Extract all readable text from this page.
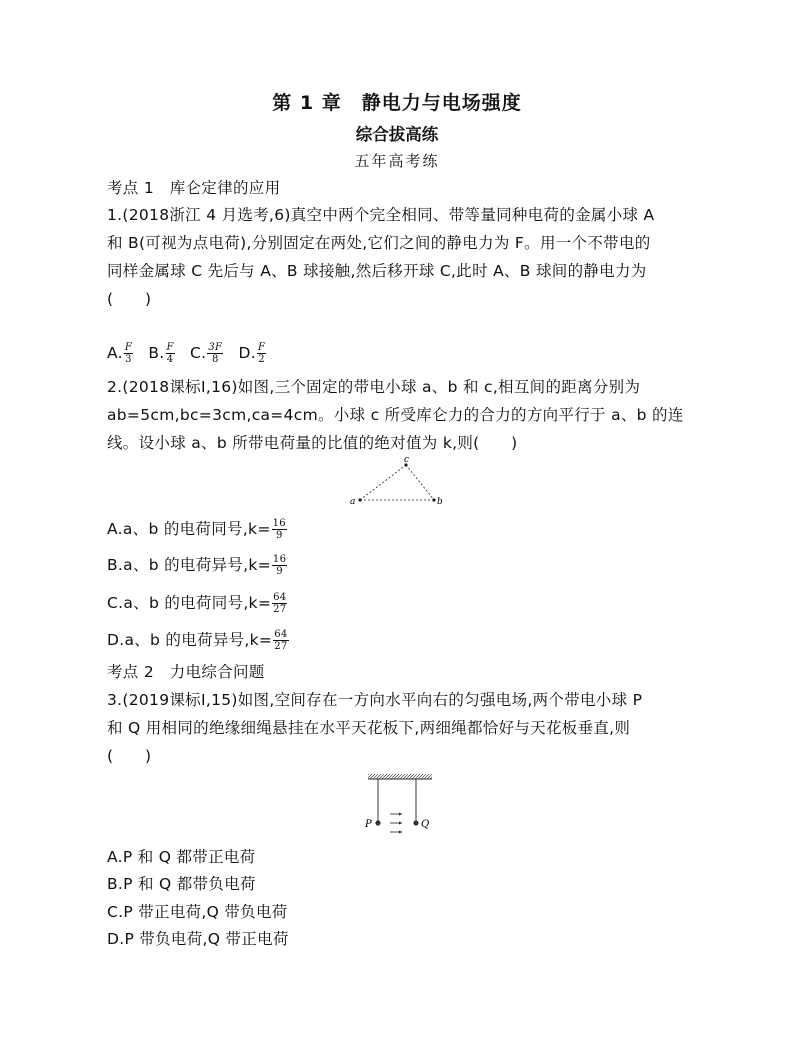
第 1 章　静电力与电场强度
综合拔高练
五年高考练
考点 1　库仑定律的应用
1.(2018浙江 4 月选考,6)真空中两个完全相同、带等量同种电荷的金属小球 A
和 B(可视为点电荷),分别固定在两处,它们之间的静电力为 F。用一个不带电的
同样金属球 C 先后与 A、B 球接触,然后移开球 C,此时 A、B 球间的静电力为
(　　)
A. $\frac{F}{3} B$. $\frac{F}{4} C$. $\frac{3F}{8} D$. $\frac{F}{2}$
2.(2018课标Ⅰ,16)如图,三个固定的带电小球 a、b 和 c,相互间的距离分别为
ab=5cm,bc=3cm,ca=4cm。小球 c 所受库仑力的合力的方向平行于 a、b 的连
线。设小球 a、b 所带电荷量的比值的绝对值为 k,则(　　)
a	b
c
A.a、b 的电荷同号$,k= \frac{16}{9}$
B.a、b 的电荷异号$,k= \frac{16}{9}$
C.a、b 的电荷同号$,k= \frac{64}{27}$
D.a、b 的电荷异号$,k= \frac{64}{27}$
考点 2　力电综合问题
3.(2019课标Ⅰ,15)如图,空间存在一方向水平向右的匀强电场,两个带电小球 P
和 Q 用相同的绝缘细绳悬挂在水平天花板下,两细绳都恰好与天花板垂直,则
(　　)
P	Q
A.P 和 Q 都带正电荷
B.P 和 Q 都带负电荷
C.P 带正电荷,Q 带负电荷
D.P 带负电荷,Q 带正电荷
